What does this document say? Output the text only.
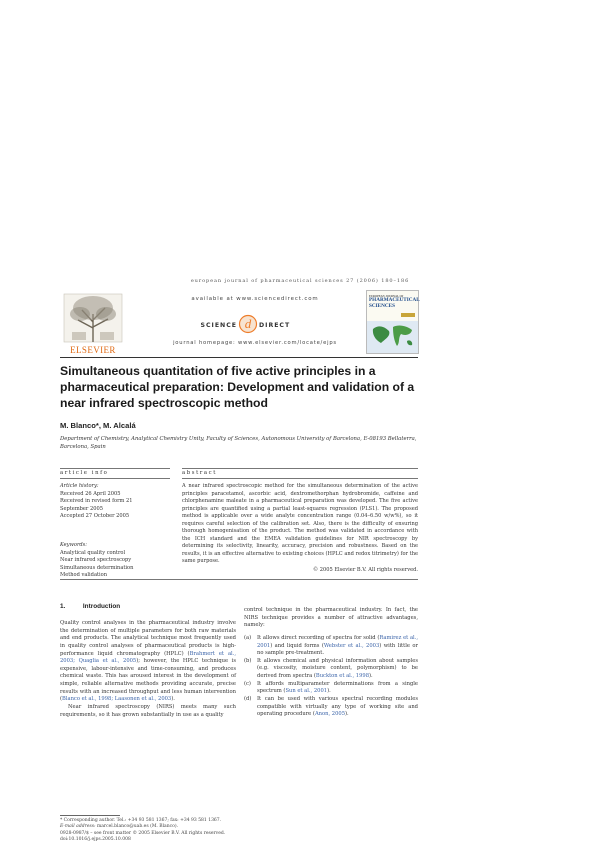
european journal of pharmaceutical sciences 27 (2006) 180–186
ELSEVIER
available at www.sciencedirect.com
SCIENCE d DIRECT
journal homepage: www.elsevier.com/locate/ejps
EUROPEAN JOURNAL OF
PHARMACEUTICAL
SCIENCES
Simultaneous quantitation of five active principles in a pharmaceutical preparation: Development and validation of a near infrared spectroscopic method
M. Blanco*, M. Alcalá
Department of Chemistry, Analytical Chemistry Unity, Faculty of Sciences, Autonomous University of Barcelona, E-08193 Bellaterra, Barcelona, Spain
article info	abstract
Article history:
Received 26 April 2005
Received in revised form 21
September 2005
Accepted 27 October 2005
Keywords:
Analytical quality control
Near infrared spectroscopy
Simultaneous determination
Method validation
A near infrared spectroscopic method for the simultaneous determination of the active principles paracetamol, ascorbic acid, dextromethorphan hydrobromide, caffeine and chlorphenamine maleate in a pharmaceutical preparation was developed. The five active principles are quantified using a partial least-squares regression (PLS1). The proposed method is applicable over a wide analyte concentration range (0.04–6.50 w/w%), so it requires careful selection of the calibration set. Also, there is the difficulty of ensuring thorough homogenisation of the product. The method was validated in accordance with the ICH standard and the EMEA validation guidelines for NIR spectroscopy by determining its selectivity, linearity, accuracy, precision and robustness. Based on the results, it is an effective alternative to existing choices (HPLC and redox titrimetry) for the same purpose.
© 2005 Elsevier B.V. All rights reserved.
1.	Introduction

Quality control analyses in the pharmaceutical industry involve the determination of multiple parameters for both raw materials and end products. The analytical technique most frequently used in quality control analyses of pharmaceutical products is high-performance liquid chromatography (HPLC) (Brahmert et al., 2003; Quaglia et al., 2005); however, the HPLC technique is expensive, labour-intensive and time-consuming, and produces chemical waste. This has aroused interest in the development of simple, reliable alternative methods providing accurate, precise results with an increased throughput and less human intervention (Blanco et al., 1998; Laasonen et al., 2003).

Near infrared spectroscopy (NIRS) meets many such requirements, so it has grown substantially in use as a quality

control technique in the pharmaceutical industry. In fact, the NIRS technique provides a number of attractive advantages, namely:

(a)	It allows direct recording of spectra for solid (Ramirez et al., 2001) and liquid forms (Webster et al., 2003) with little or no sample pre-treatment.
(b)	It allows chemical and physical information about samples (e.g. viscosity, moisture content, polymorphism) to be derived from spectra (Buckton et al., 1998).
(c)	It affords multiparameter determinations from a single spectrum (Sun et al., 2001).
(d)	It can be used with various spectral recording modules compatible with virtually any type of working site and operating procedure (Anon, 2005).
* Corresponding author. Tel.: +34 93 581 1367; fax: +34 93 581 1367.
E-mail address: marcel.blanco@uab.es (M. Blanco).
0928-0987/$ – see front matter © 2005 Elsevier B.V. All rights reserved.
doi:10.1016/j.ejps.2005.10.008
